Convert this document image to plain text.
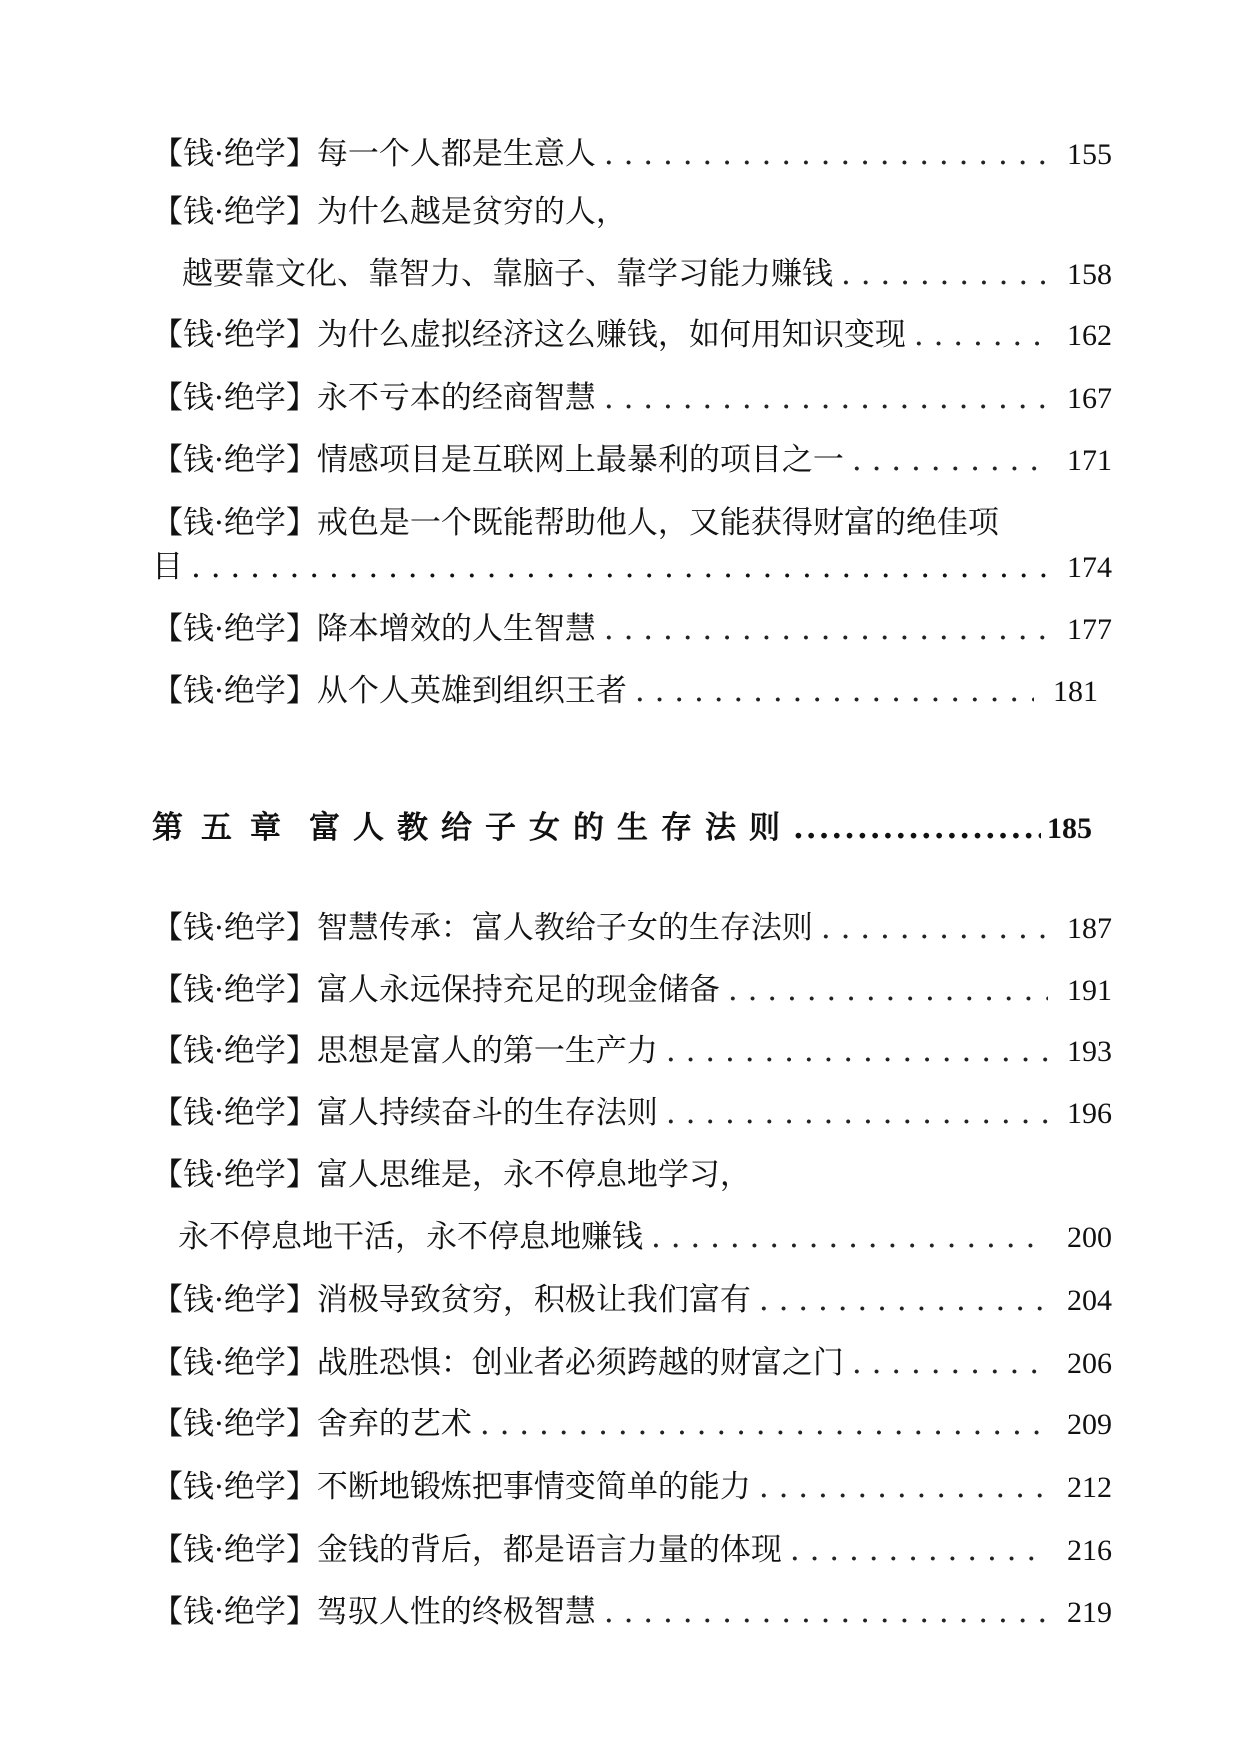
【钱·绝学】 每一个人都是生意人 . . .	155
【钱·绝学】 为什么越是贫穷的人，
越要靠文化、靠智力、靠脑子、靠学习能力赚钱 . . .	158
【钱·绝学】 为什么虚拟经济这么赚钱，如何用知识变现 . . .	162
【钱·绝学】 永不亏本的经商智慧 . . .	167
【钱·绝学】 情感项目是互联网上最暴利的项目之一 . . .	171
【钱·绝学】 戒色是一个既能帮助他人，又能获得财富的绝佳项
目 . . .	174
【钱·绝学】 降本增效的人生智慧 . . .	177
【钱·绝学】 从个人英雄到组织王者 . . .	181
第五章 富人教给子女的生存法则 .....	185
【钱·绝学】 智慧传承：富人教给子女的生存法则 . . .	187
【钱·绝学】 富人永远保持充足的现金储备 . . .	191
【钱·绝学】 思想是富人的第一生产力 . . .	193
【钱·绝学】 富人持续奋斗的生存法则 . . .	196
【钱·绝学】 富人思维是，永不停息地学习，
永不停息地干活，永不停息地赚钱 . . .	200
【钱·绝学】 消极导致贫穷，积极让我们富有 . . .	204
【钱·绝学】 战胜恐惧：创业者必须跨越的财富之门 . . .	206
【钱·绝学】 舍弃的艺术 . . .	209
【钱·绝学】 不断地锻炼把事情变简单的能力 . . .	212
【钱·绝学】 金钱的背后，都是语言力量的体现 . . .	216
【钱·绝学】 驾驭人性的终极智慧 . . .	219
